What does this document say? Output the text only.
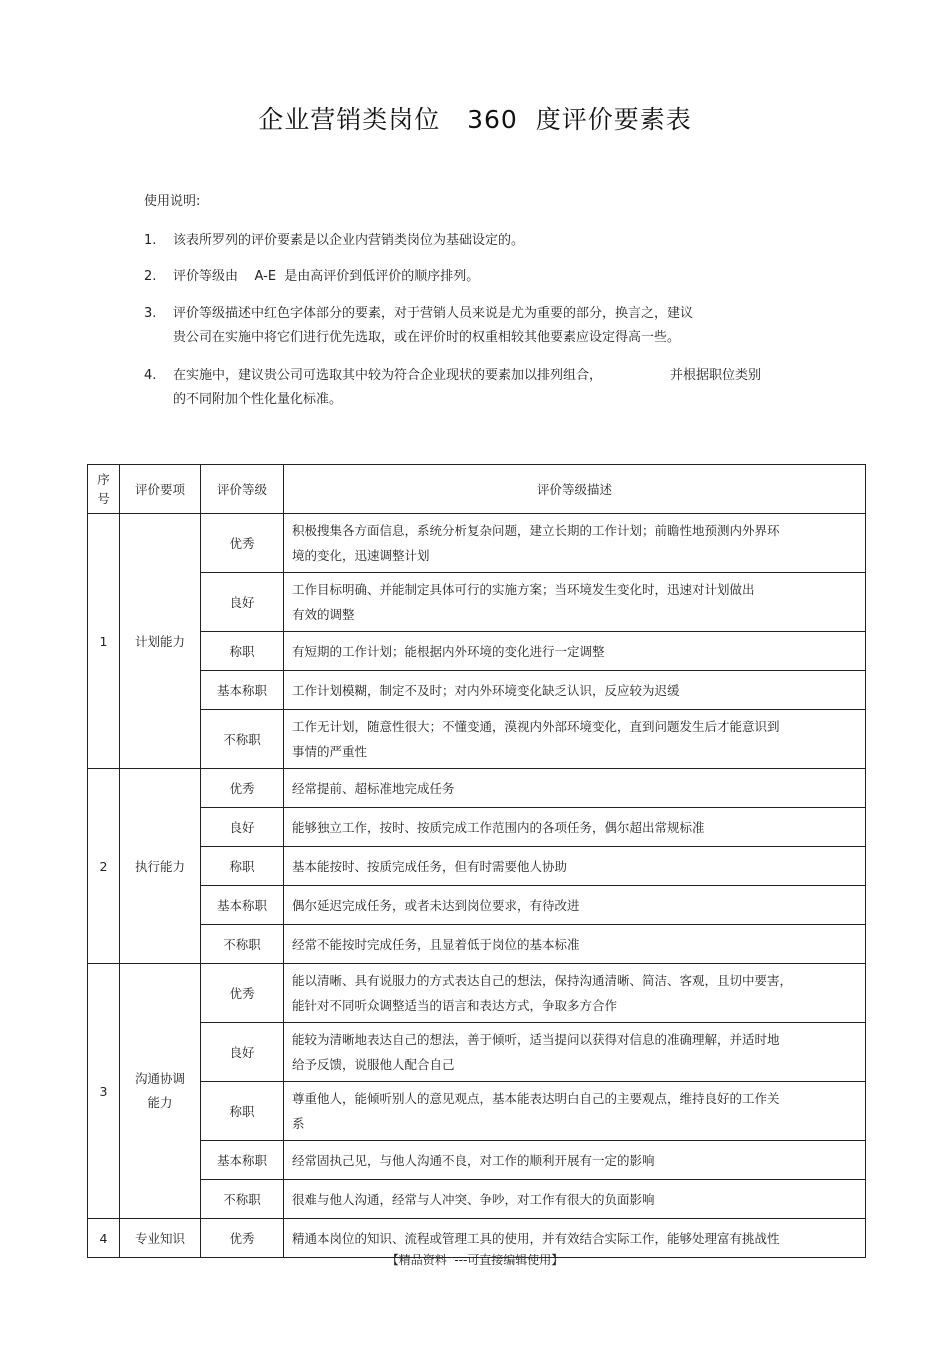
企业营销类岗位   360  度评价要素表
使用说明:
1.	该表所罗列的评价要素是以企业内营销类岗位为基础设定的。
2.	评价等级由    A-E  是由高评价到低评价的顺序排列。
3.	评价等级描述中红色字体部分的要素，对于营销人员来说是尤为重要的部分，换言之，建议
贵公司在实施中将它们进行优先选取，或在评价时的权重相较其他要素应设定得高一些。
4.	在实施中，建议贵公司可选取其中较为符合企业现状的要素加以排列组合，	并根据职位类别
的不同附加个性化量化标准。
序
号	评价要项	评价等级	评价等级描述
1	计划能力	优秀	积极搜集各方面信息，系统分析复杂问题，建立长期的工作计划；前瞻性地预测内外界环
境的变化，迅速调整计划
		良好	工作目标明确、并能制定具体可行的实施方案；当环境发生变化时，迅速对计划做出
有效的调整
		称职	有短期的工作计划；能根据内外环境的变化进行一定调整
		基本称职	工作计划模糊，制定不及时；对内外环境变化缺乏认识，反应较为迟缓
		不称职	工作无计划，随意性很大；不懂变通，漠视内外部环境变化，直到问题发生后才能意识到
事情的严重性
2	执行能力	优秀	经常提前、超标准地完成任务
		良好	能够独立工作，按时、按质完成工作范围内的各项任务，偶尔超出常规标准
		称职	基本能按时、按质完成任务，但有时需要他人协助
		基本称职	偶尔延迟完成任务，或者未达到岗位要求，有待改进
		不称职	经常不能按时完成任务，且显着低于岗位的基本标准
3	沟通协调
能力	优秀	能以清晰、具有说服力的方式表达自己的想法，保持沟通清晰、简洁、客观，且切中要害，
能针对不同听众调整适当的语言和表达方式，争取多方合作
		良好	能较为清晰地表达自己的想法，善于倾听，适当提问以获得对信息的准确理解，并适时地
给予反馈，说服他人配合自己
		称职	尊重他人，能倾听别人的意见观点，基本能表达明白自己的主要观点，维持良好的工作关
系
		基本称职	经常固执己见，与他人沟通不良，对工作的顺利开展有一定的影响
		不称职	很难与他人沟通，经常与人冲突、争吵，对工作有很大的负面影响
4	专业知识	优秀	精通本岗位的知识、流程或管理工具的使用，并有效结合实际工作，能够处理富有挑战性
【精品资料  ---可直接编辑使用】
